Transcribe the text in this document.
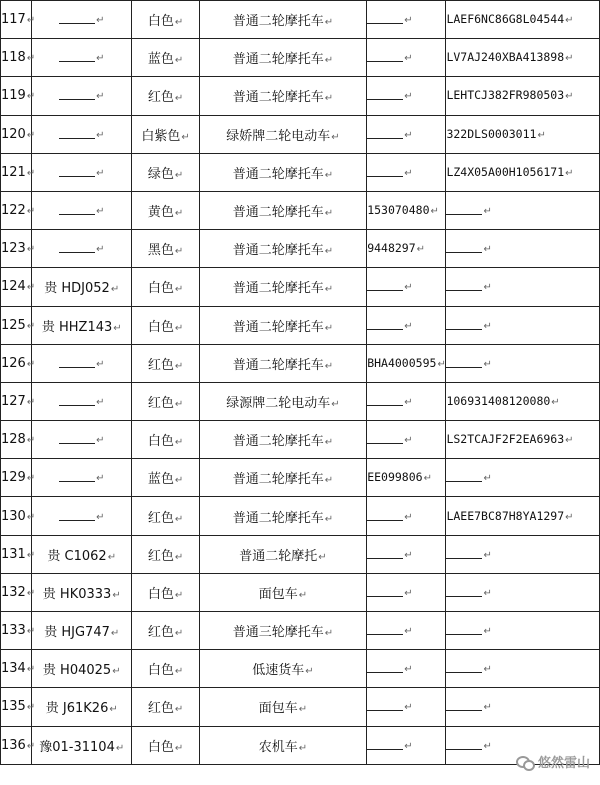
117↵	↵	白色↵	普通二轮摩托车↵	↵	LAEF6NC86G8L04544↵
118↵	↵	蓝色↵	普通二轮摩托车↵	↵	LV7AJ240XBA413898↵
119↵	↵	红色↵	普通二轮摩托车↵	↵	LEHTCJ382FR980503↵
120↵	↵	白紫色↵	绿娇牌二轮电动车↵	↵	322DLS0003011↵
121↵	↵	绿色↵	普通二轮摩托车↵	↵	LZ4X05A00H1056171↵
122↵	↵	黄色↵	普通二轮摩托车↵	153070480↵	↵
123↵	↵	黑色↵	普通二轮摩托车↵	9448297↵	↵
124↵	贵 HDJ052↵	白色↵	普通二轮摩托车↵	↵	↵
125↵	贵 HHZ143↵	白色↵	普通二轮摩托车↵	↵	↵
126↵	↵	红色↵	普通二轮摩托车↵	BHA4000595↵	↵
127↵	↵	红色↵	绿源牌二轮电动车↵	↵	106931408120080↵
128↵	↵	白色↵	普通二轮摩托车↵	↵	LS2TCAJF2F2EA6963↵
129↵	↵	蓝色↵	普通二轮摩托车↵	EE099806↵	↵
130↵	↵	红色↵	普通二轮摩托车↵	↵	LAEE7BC87H8YA1297↵
131↵	贵 C1062↵	红色↵	普通二轮摩托↵	↵	↵
132↵	贵 HK0333↵	白色↵	面包车↵	↵	↵
133↵	贵 HJG747↵	红色↵	普通三轮摩托车↵	↵	↵
134↵	贵 H04025↵	白色↵	低速货车↵	↵	↵
135↵	贵 J61K26↵	红色↵	面包车↵	↵	↵
136↵	豫01-31104↵	白色↵	农机车↵	↵	↵
悠然雷山
